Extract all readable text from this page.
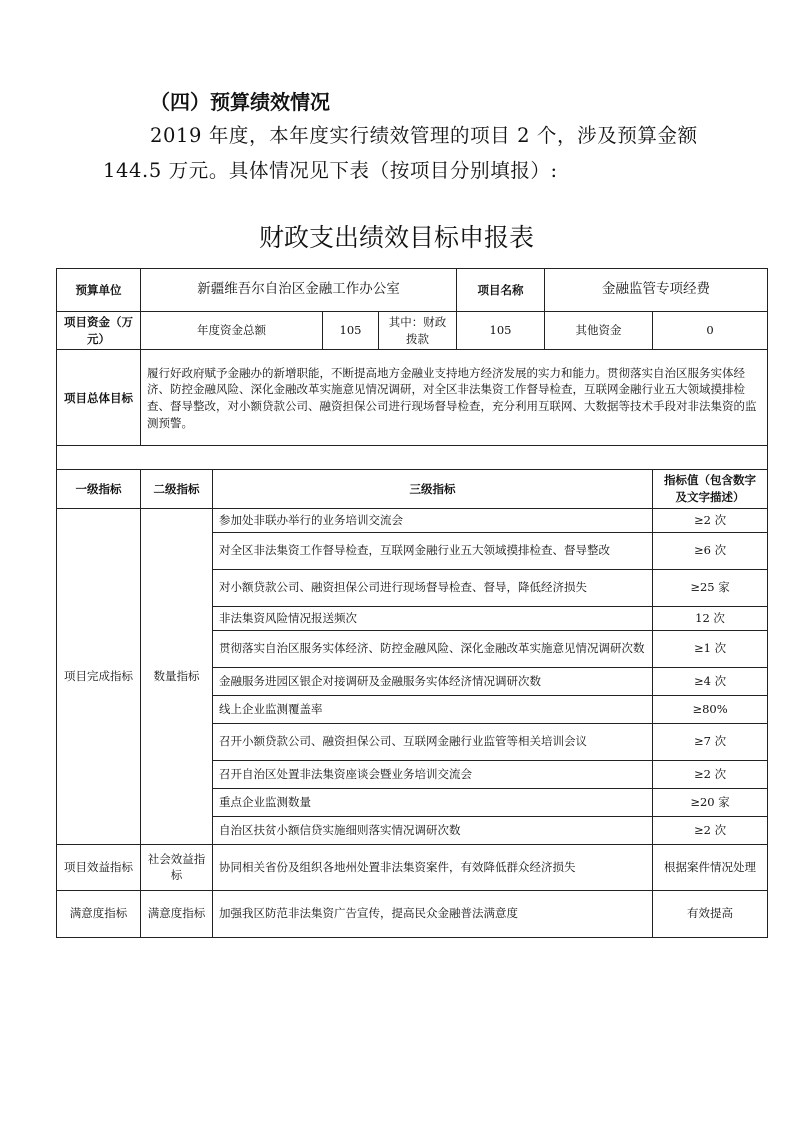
（四）预算绩效情况
2019 年度，本年度实行绩效管理的项目 2 个，涉及预算金额
144.5 万元。具体情况见下表（按项目分别填报）:
财政支出绩效目标申报表
预算单位	新疆维吾尔自治区金融工作办公室				项目名称	金融监管专项经费	
项目资金（万元）	年度资金总额		105	其中：财政拨款	105	其他资金	0
项目总体目标	履行好政府赋予金融办的新增职能，不断提高地方金融业支持地方经济发展的实力和能力。贯彻落实自治区服务实体经济、防控金融风险、深化金融改革实施意见情况调研，对全区非法集资工作督导检查，互联网金融行业五大领域摸排检查、督导整改，对小额贷款公司、融资担保公司进行现场督导检查，充分利用互联网、大数据等技术手段对非法集资的监测预警。						

一级指标	二级指标	三级指标					指标值（包含数字及文字描述）
项目完成指标	数量指标	参加处非联办举行的业务培训交流会					≥2 次
		对全区非法集资工作督导检查，互联网金融行业五大领域摸排检查、督导整改					≥6 次
		对小额贷款公司、融资担保公司进行现场督导检查、督导，降低经济损失					≥25 家
		非法集资风险情况报送频次					12 次
		贯彻落实自治区服务实体经济、防控金融风险、深化金融改革实施意见情况调研次数					≥1 次
		金融服务进园区银企对接调研及金融服务实体经济情况调研次数					≥4 次
		线上企业监测覆盖率					≥80%
		召开小额贷款公司、融资担保公司、互联网金融行业监管等相关培训会议					≥7 次
		召开自治区处置非法集资座谈会暨业务培训交流会					≥2 次
		重点企业监测数量					≥20 家
		自治区扶贫小额信贷实施细则落实情况调研次数					≥2 次
项目效益指标	社会效益指标	协同相关省份及组织各地州处置非法集资案件，有效降低群众经济损失					根据案件情况处理
满意度指标	满意度指标	加强我区防范非法集资广告宣传，提高民众金融普法满意度					有效提高
